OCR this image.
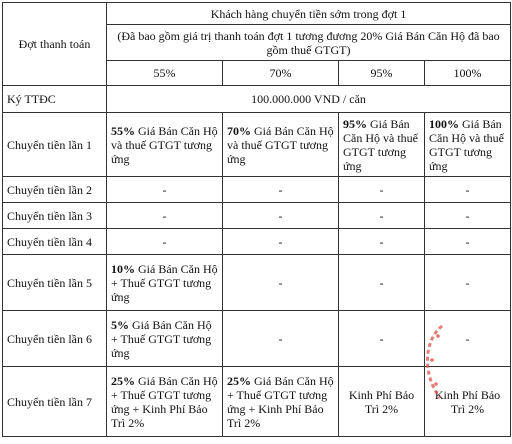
Đợt thanh toán	Khách hàng chuyển tiền sớm trong đợt 1			
	(Đã bao gồm giá trị thanh toán đợt 1 tương đương 20% Giá Bán Căn Hộ đã bao gồm thuế GTGT)			
	55%	70%	95%	100%
Ký TTĐC	100.000.000 VND / căn			
Chuyển tiền lần 1	55% Giá Bán Căn Hộ và thuế GTGT tương ứng	70% Giá Bán Căn Hộ và thuế GTGT tương ứng	95% Giá Bán Căn Hộ và thuế GTGT tương ứng	100% Giá Bán Căn Hộ và thuế GTGT tương ứng
Chuyển tiền lần 2	-	-	-	-
Chuyển tiền lần 3	-	-	-	-
Chuyển tiền lần 4	-	-	-	-
Chuyển tiền lần 5	10% Giá Bán Căn Hộ + Thuế GTGT tương ứng	-	-	-
Chuyển tiền lần 6	5% Giá Bán Căn Hộ + Thuế GTGT tương ứng	-	-	-
Chuyển tiền lần 7	25% Giá Bán Căn Hộ + Thuế GTGT tương ứng + Kinh Phí Bảo Trì 2%	25% Giá Bán Căn Hộ + Thuế GTGT tương ứng + Kinh Phí Bảo Trì 2%	Kinh Phí Bảo Trì 2%	Kinh Phí Bảo Trì 2%
